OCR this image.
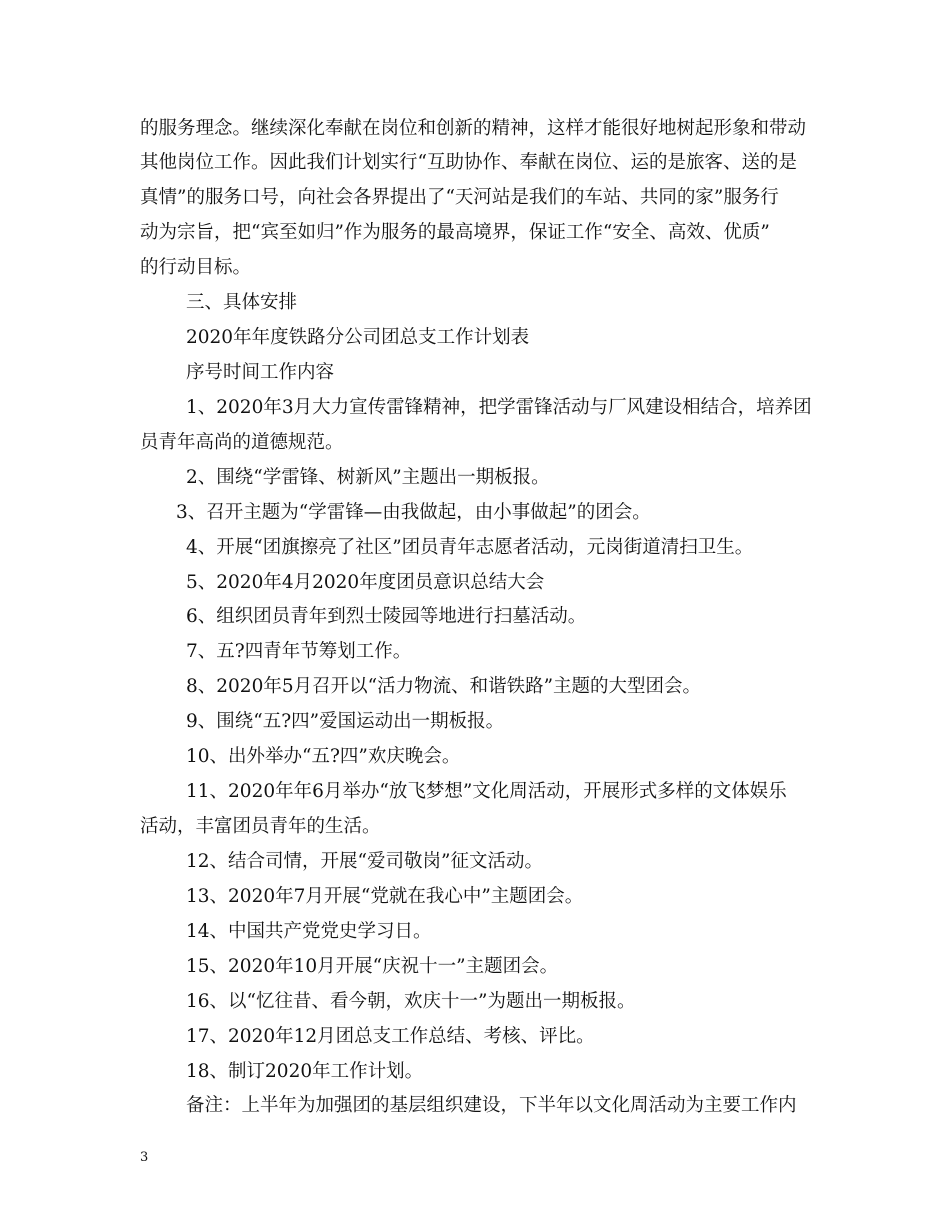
的服务理念。继续深化奉献在岗位和创新的精神，这样才能很好地树起形象和带动
其他岗位工作。因此我们计划实行“互助协作、奉献在岗位、运的是旅客、送的是
真情”的服务口号，向社会各界提出了“天河站是我们的车站、共同的家”服务行
动为宗旨，把“宾至如归”作为服务的最高境界，保证工作“安全、高效、优质”
的行动目标。
三、具体安排
2020年年度铁路分公司团总支工作计划表
序号时间工作内容
1、2020年3月大力宣传雷锋精神，把学雷锋活动与厂风建设相结合，培养团
员青年高尚的道德规范。
2、围绕“学雷锋、树新风”主题出一期板报。
3、召开主题为“学雷锋—由我做起，由小事做起”的团会。
4、开展“团旗擦亮了社区”团员青年志愿者活动，元岗街道清扫卫生。
5、2020年4月2020年度团员意识总结大会
6、组织团员青年到烈士陵园等地进行扫墓活动。
7、五?四青年节筹划工作。
8、2020年5月召开以“活力物流、和谐铁路”主题的大型团会。
9、围绕“五?四”爱国运动出一期板报。
10、出外举办“五?四”欢庆晚会。
11、2020年年6月举办“放飞梦想”文化周活动，开展形式多样的文体娱乐
活动，丰富团员青年的生活。
12、结合司情，开展“爱司敬岗”征文活动。
13、2020年7月开展“党就在我心中”主题团会。
14、中国共产党党史学习日。
15、2020年10月开展“庆祝十一”主题团会。
16、以“忆往昔、看今朝，欢庆十一”为题出一期板报。
17、2020年12月团总支工作总结、考核、评比。
18、制订2020年工作计划。
备注：上半年为加强团的基层组织建设，下半年以文化周活动为主要工作内
3
